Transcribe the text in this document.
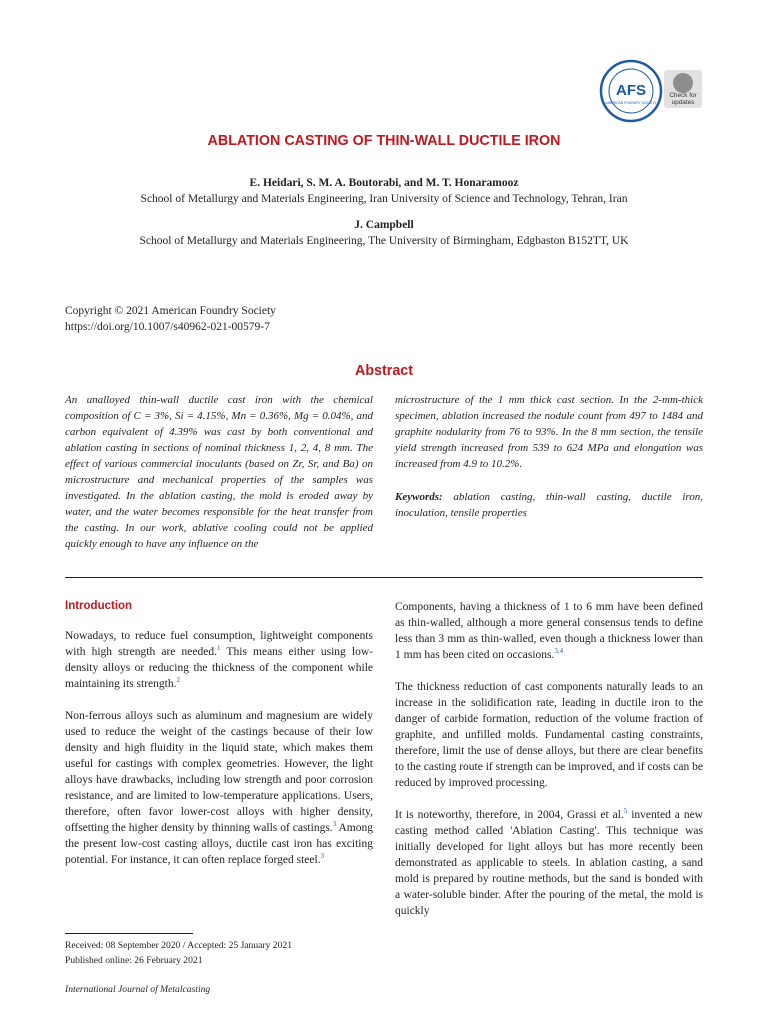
AFS
AMERICAN FOUNDRY SOCIETY
Check for updates
ABLATION CASTING OF THIN-WALL DUCTILE IRON
E. Heidari, S. M. A. Boutorabi, and M. T. Honaramooz
School of Metallurgy and Materials Engineering, Iran University of Science and Technology, Tehran, Iran
J. Campbell
School of Metallurgy and Materials Engineering, The University of Birmingham, Edgbaston B152TT, UK
Copyright © 2021 American Foundry Society
https://doi.org/10.1007/s40962-021-00579-7
Abstract

An unalloyed thin-wall ductile cast iron with the chemical composition of C = 3%, Si = 4.15%, Mn = 0.36%, Mg = 0.04%, and carbon equivalent of 4.39% was cast by both conventional and ablation casting in sections of nominal thickness 1, 2, 4, 8 mm. The effect of various commercial inoculants (based on Zr, Sr, and Ba) on microstructure and mechanical properties of the samples was investigated. In the ablation casting, the mold is eroded away by water, and the water becomes responsible for the heat transfer from the casting. In our work, ablative cooling could not be applied quickly enough to have any influence on the

microstructure of the 1 mm thick cast section. In the 2-mm-thick specimen, ablation increased the nodule count from 497 to 1484 and graphite nodularity from 76 to 93%. In the 8 mm section, the tensile yield strength increased from 539 to 624 MPa and elongation was increased from 4.9 to 10.2%.

Keywords: ablation casting, thin-wall casting, ductile iron, inoculation, tensile properties

Introduction

Nowadays, to reduce fuel consumption, lightweight components with high strength are needed.$^1$ This means either using low-density alloys or reducing the thickness of the component while maintaining its strength.$^2$

Non-ferrous alloys such as aluminum and magnesium are widely used to reduce the weight of the castings because of their low density and high fluidity in the liquid state, which makes them useful for castings with complex geometries. However, the light alloys have drawbacks, including low strength and poor corrosion resistance, and are limited to low-temperature applications. Users, therefore, often favor lower-cost alloys with higher density, offsetting the higher density by thinning walls of castings.$^3$ Among the present low-cost casting alloys, ductile cast iron has exciting potential. For instance, it can often replace forged steel.$^3$

Components, having a thickness of 1 to 6 mm have been defined as thin-walled, although a more general consensus tends to define less than 3 mm as thin-walled, even though a thickness lower than 1 mm has been cited on occasions.$^{3,4}$

The thickness reduction of cast components naturally leads to an increase in the solidification rate, leading in ductile iron to the danger of carbide formation, reduction of the volume fraction of graphite, and unfilled molds. Fundamental casting constraints, therefore, limit the use of dense alloys, but there are clear benefits to the casting route if strength can be improved, and if costs can be reduced by improved processing.

It is noteworthy, therefore, in 2004, Grassi et al.$^5$ invented a new casting method called 'Ablation Casting'. This technique was initially developed for light alloys but has more recently been demonstrated as applicable to steels. In ablation casting, a sand mold is prepared by routine methods, but the sand is bonded with a water-soluble binder. After the pouring of the metal, the mold is quickly

Received: 08 September 2020 / Accepted: 25 January 2021
Published online: 26 February 2021
International Journal of Metalcasting
